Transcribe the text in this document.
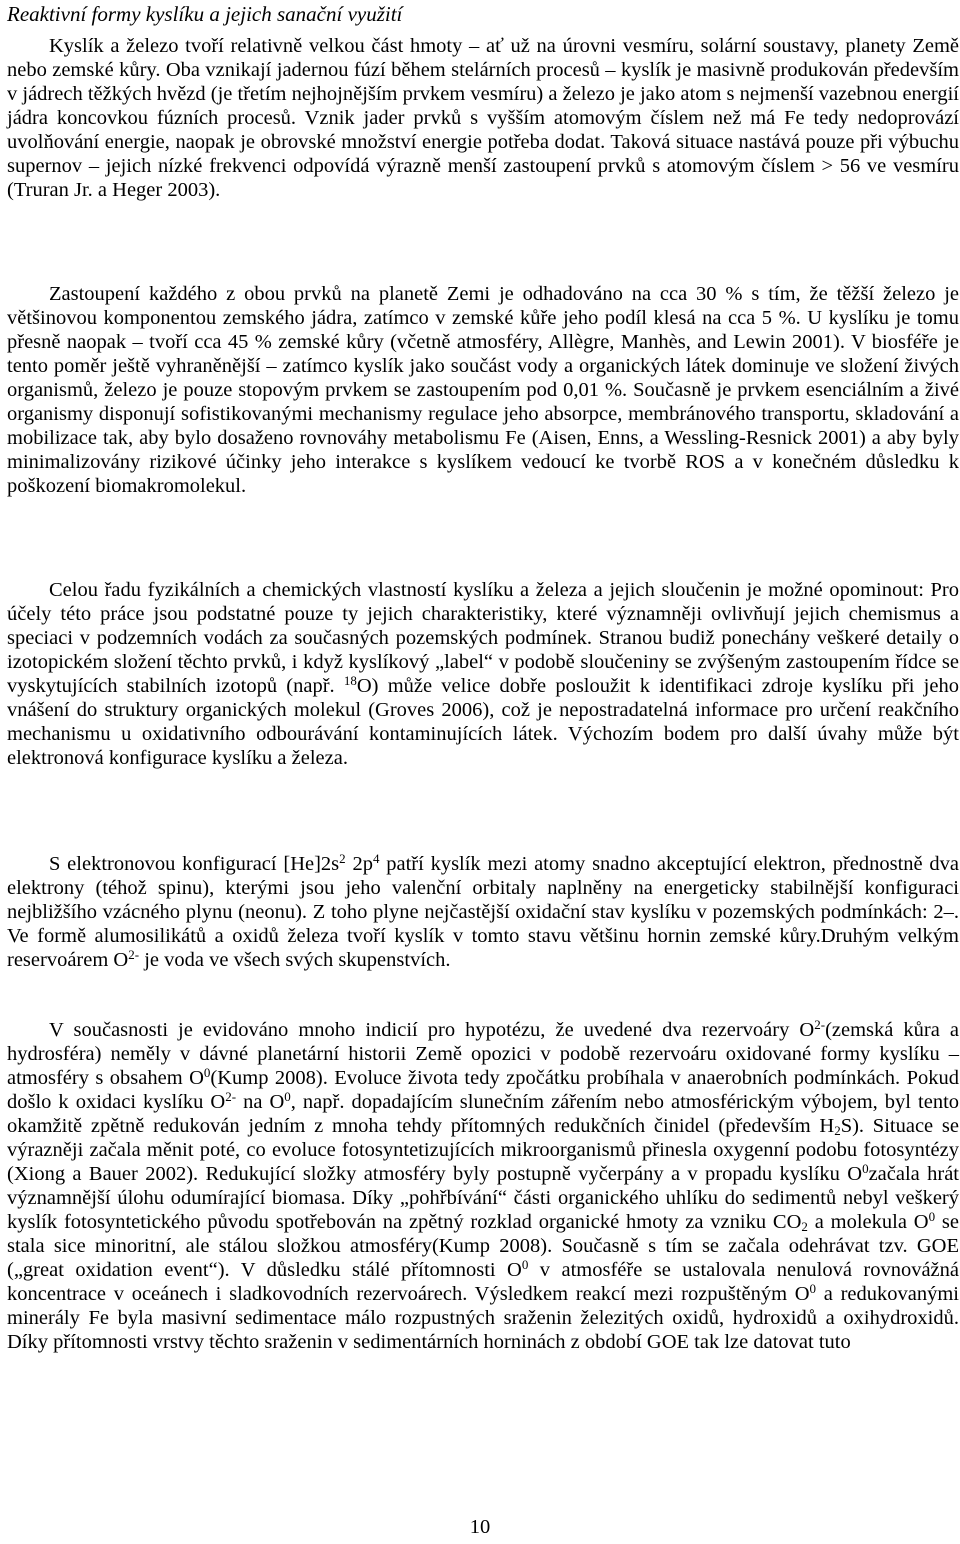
Reaktivní formy kyslíku a jejich sanační využití

Kyslík a železo tvoří relativně velkou část hmoty – ať už na úrovni vesmíru, solární soustavy, planety Země nebo zemské kůry. Oba vznikají jadernou fúzí během stelárních procesů – kyslík je masivně produkován především v jádrech těžkých hvězd (je třetím nejhojnějším prvkem vesmíru) a železo je jako atom s nejmenší vazebnou energií jádra koncovkou fúzních procesů. Vznik jader prvků s vyšším atomovým číslem než má Fe tedy nedoprovází uvolňování energie, naopak je obrovské množství energie potřeba dodat. Taková situace nastává pouze při výbuchu supernov – jejich nízké frekvenci odpovídá výrazně menší zastoupení prvků s atomovým číslem > 56 ve vesmíru (Truran Jr. a Heger 2003).

Zastoupení každého z obou prvků na planetě Zemi je odhadováno na cca 30 % s tím, že těžší železo je většinovou komponentou zemského jádra, zatímco v zemské kůře jeho podíl klesá na cca 5 %. U kyslíku je tomu přesně naopak – tvoří cca 45 % zemské kůry (včetně atmosféry, Allègre, Manhès, and Lewin 2001). V biosféře je tento poměr ještě vyhraněnější – zatímco kyslík jako součást vody a organických látek dominuje ve složení živých organismů, železo je pouze stopovým prvkem se zastoupením pod 0,01 %. Současně je prvkem esenciálním a živé organismy disponují sofistikovanými mechanismy regulace jeho absorpce, membránového transportu, skladování a mobilizace tak, aby bylo dosaženo rovnováhy metabolismu Fe (Aisen, Enns, a Wessling-Resnick 2001) a aby byly minimalizovány rizikové účinky jeho interakce s kyslíkem vedoucí ke tvorbě ROS a v konečném důsledku k poškození biomakromolekul.

Celou řadu fyzikálních a chemických vlastností kyslíku a železa a jejich sloučenin je možné opominout: Pro účely této práce jsou podstatné pouze ty jejich charakteristiky, které významněji ovlivňují jejich chemismus a speciaci v podzemních vodách za současných pozemských podmínek. Stranou budiž ponechány veškeré detaily o izotopickém složení těchto prvků, i když kyslíkový „label“ v podobě sloučeniny se zvýšeným zastoupením řídce se vyskytujících stabilních izotopů (např. $^{18}$O) může velice dobře posloužit k identifikaci zdroje kyslíku při jeho vnášení do struktury organických molekul (Groves 2006), což je nepostradatelná informace pro určení reakčního mechanismu u oxidativního odbourávání kontaminujících látek. Výchozím bodem pro další úvahy může být elektronová konfigurace kyslíku a železa.

S elektronovou konfigurací $[He]2s^2$ $2p^4$ patří kyslík mezi atomy snadno akceptující elektron, přednostně dva elektrony (téhož spinu), kterými jsou jeho valenční orbitaly naplněny na energeticky stabilnější konfiguraci nejbližšího vzácného plynu (neonu). Z toho plyne nejčastější oxidační stav kyslíku v pozemských podmínkách: 2–. Ve formě alumosilikátů a oxidů železa tvoří kyslík v tomto stavu většinu hornin zemské kůry.Druhým velkým reservoárem $O^{2-}$ je voda ve všech svých skupenstvích.

V současnosti je evidováno mnoho indicií pro hypotézu, že uvedené dva rezervoáry $O^{2-}(zemská$ kůra a hydrosféra) neměly v dávné planetární historii Země opozici v podobě rezervoáru oxidované formy kyslíku – atmosféry s obsahem $O^0(Kump$ 2008). Evoluce života tedy zpočátku probíhala v anaerobních podmínkách. Pokud došlo k oxidaci kyslíku $O^{2-}$ na $O^0$, např. dopadajícím slunečním zářením nebo atmosférickým výbojem, byl tento okamžitě zpětně redukován jedním z mnoha tehdy přítomných redukčních činidel (především $H_2S$). Situace se výrazněji začala měnit poté, co evoluce fotosyntetizujících mikroorganismů přinesla oxygenní podobu fotosyntézy (Xiong a Bauer 2002). Redukující složky atmosféry byly postupně vyčerpány a v propadu kyslíku $O^0začala$ hrát významnější úlohu odumírající biomasa. Díky „pohřbívání“ části organického uhlíku do sedimentů nebyl veškerý kyslík fotosyntetického původu spotřebován na zpětný rozklad organické hmoty za vzniku $CO_2$ a molekula $O^0$ se stala sice minoritní, ale stálou složkou atmosféry(Kump 2008). Současně s tím se začala odehrávat tzv. GOE („great oxidation event“). V důsledku stálé přítomnosti $O^0$ v atmosféře se ustalovala nenulová rovnovážná koncentrace v oceánech i sladkovodních rezervoárech. Výsledkem reakcí mezi rozpuštěným $O^0$ a redukovanými minerály Fe byla masivní sedimentace málo rozpustných sraženin železitých oxidů, hydroxidů a oxihydroxidů. Díky přítomnosti vrstvy těchto sraženin v sedimentárních horninách z období GOE tak lze datovat tuto

10
